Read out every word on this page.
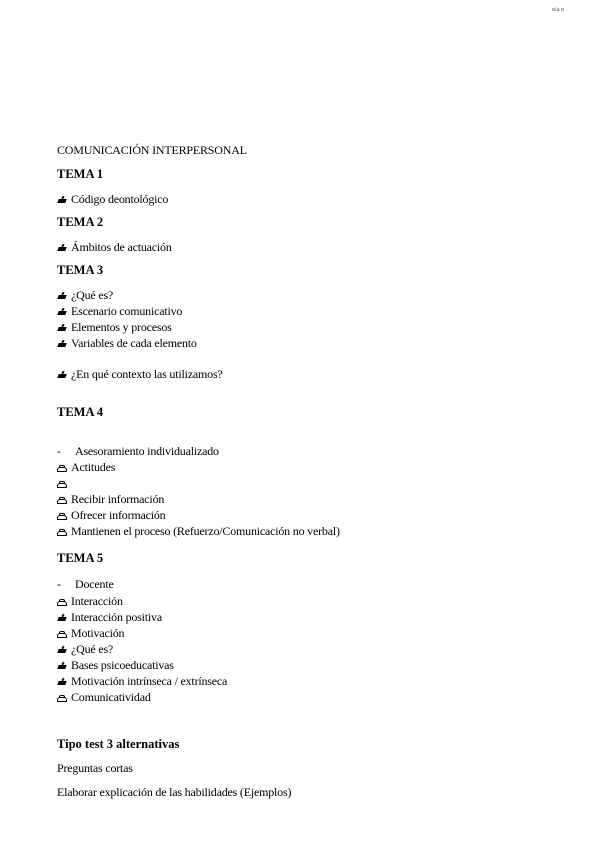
n/a n
COMUNICACIÓN INTERPERSONAL
TEMA 1
Código deontológico
TEMA 2
Ámbitos de actuación
TEMA 3
¿Qué es?
Escenario comunicativo
Elementos y procesos
Variables de cada elemento
¿En qué contexto las utilizamos?
TEMA 4
- Asesoramiento individualizado
Actitudes
Recibir información
Ofrecer información
Mantienen el proceso (Refuerzo/Comunicación no verbal)
TEMA 5
- Docente
Interacción
Interacción positiva
Motivación
¿Qué es?
Bases psicoeducativas
Motivación intrínseca / extrínseca
Comunicatividad
Tipo test 3 alternativas
Preguntas cortas
Elaborar explicación de las habilidades (Ejemplos)
